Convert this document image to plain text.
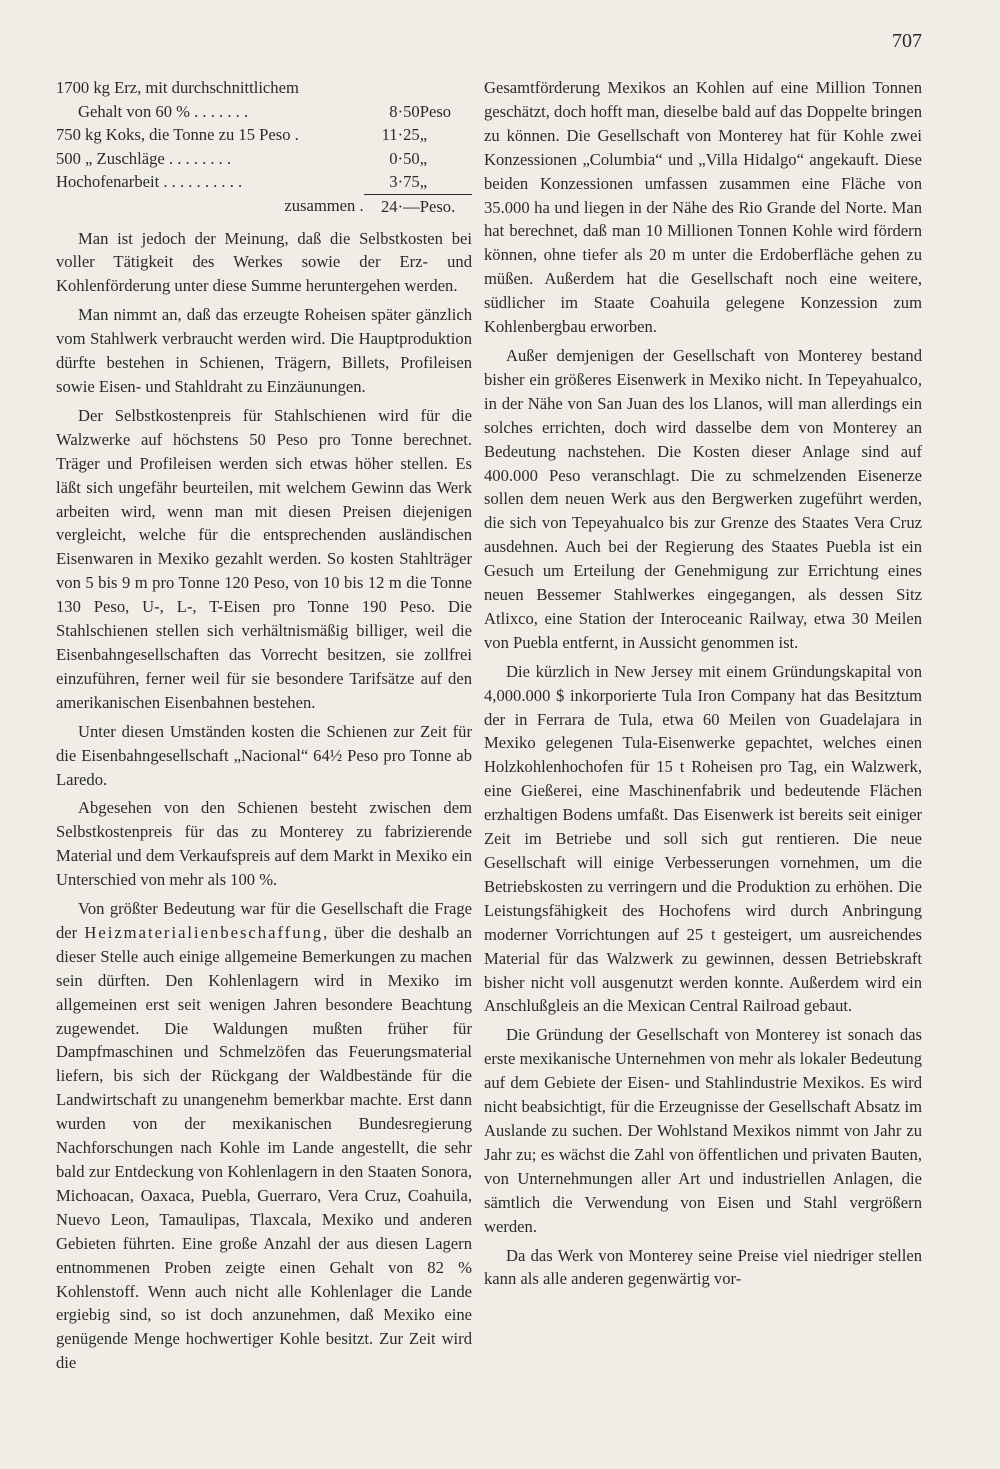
707
1700 kg Erz, mit durchschnittlichem		
Gehalt von 60 % . . . . . . .	8·50	Peso
750 kg Koks, die Tonne zu 15 Peso .	11·25	„
500 „ Zuschläge . . . . . . . .	0·50	„
Hochofenarbeit . . . . . . . . . .	3·75	„
zusammen .	24·—	Peso.

Man ist jedoch der Meinung, daß die Selbstkosten bei voller Tätigkeit des Werkes sowie der Erz- und Kohlenförderung unter diese Summe heruntergehen werden.

Man nimmt an, daß das erzeugte Roheisen später gänzlich vom Stahlwerk verbraucht werden wird. Die Hauptproduktion dürfte bestehen in Schienen, Trägern, Billets, Profileisen sowie Eisen- und Stahldraht zu Einzäunungen.

Der Selbstkostenpreis für Stahlschienen wird für die Walzwerke auf höchstens 50 Peso pro Tonne berechnet. Träger und Profileisen werden sich etwas höher stellen. Es läßt sich ungefähr beurteilen, mit welchem Gewinn das Werk arbeiten wird, wenn man mit diesen Preisen diejenigen vergleicht, welche für die entsprechenden ausländischen Eisenwaren in Mexiko gezahlt werden. So kosten Stahlträger von 5 bis 9 m pro Tonne 120 Peso, von 10 bis 12 m die Tonne 130 Peso, U-, L-, T-Eisen pro Tonne 190 Peso. Die Stahlschienen stellen sich verhältnismäßig billiger, weil die Eisenbahngesellschaften das Vorrecht besitzen, sie zollfrei einzuführen, ferner weil für sie besondere Tarifsätze auf den amerikanischen Eisenbahnen bestehen.

Unter diesen Umständen kosten die Schienen zur Zeit für die Eisenbahngesellschaft „Nacional“ 64½ Peso pro Tonne ab Laredo.

Abgesehen von den Schienen besteht zwischen dem Selbstkostenpreis für das zu Monterey zu fabrizierende Material und dem Verkaufspreis auf dem Markt in Mexiko ein Unterschied von mehr als 100 %.

Von größter Bedeutung war für die Gesellschaft die Frage der Heizmaterialienbeschaffung, über die deshalb an dieser Stelle auch einige allgemeine Bemerkungen zu machen sein dürften. Den Kohlenlagern wird in Mexiko im allgemeinen erst seit wenigen Jahren besondere Beachtung zugewendet. Die Waldungen mußten früher für Dampfmaschinen und Schmelzöfen das Feuerungsmaterial liefern, bis sich der Rückgang der Waldbestände für die Landwirtschaft zu unangenehm bemerkbar machte. Erst dann wurden von der mexikanischen Bundesregierung Nachforschungen nach Kohle im Lande angestellt, die sehr bald zur Entdeckung von Kohlenlagern in den Staaten Sonora, Michoacan, Oaxaca, Puebla, Guerraro, Vera Cruz, Coahuila, Nuevo Leon, Tamaulipas, Tlaxcala, Mexiko und anderen Gebieten führten. Eine große Anzahl der aus diesen Lagern entnommenen Proben zeigte einen Gehalt von 82 % Kohlenstoff. Wenn auch nicht alle Kohlenlager die Lande ergiebig sind, so ist doch anzunehmen, daß Mexiko eine genügende Menge hochwertiger Kohle besitzt. Zur Zeit wird die

Gesamtförderung Mexikos an Kohlen auf eine Million Tonnen geschätzt, doch hofft man, dieselbe bald auf das Doppelte bringen zu können. Die Gesellschaft von Monterey hat für Kohle zwei Konzessionen „Columbia“ und „Villa Hidalgo“ angekauft. Diese beiden Konzessionen umfassen zusammen eine Fläche von 35.000 ha und liegen in der Nähe des Rio Grande del Norte. Man hat berechnet, daß man 10 Millionen Tonnen Kohle wird fördern können, ohne tiefer als 20 m unter die Erdoberfläche gehen zu müßen. Außerdem hat die Gesellschaft noch eine weitere, südlicher im Staate Coahuila gelegene Konzession zum Kohlenbergbau erworben.

Außer demjenigen der Gesellschaft von Monterey bestand bisher ein größeres Eisenwerk in Mexiko nicht. In Tepeyahualco, in der Nähe von San Juan des los Llanos, will man allerdings ein solches errichten, doch wird dasselbe dem von Monterey an Bedeutung nachstehen. Die Kosten dieser Anlage sind auf 400.000 Peso veranschlagt. Die zu schmelzenden Eisenerze sollen dem neuen Werk aus den Bergwerken zugeführt werden, die sich von Tepeyahualco bis zur Grenze des Staates Vera Cruz ausdehnen. Auch bei der Regierung des Staates Puebla ist ein Gesuch um Erteilung der Genehmigung zur Errichtung eines neuen Bessemer Stahlwerkes eingegangen, als dessen Sitz Atlixco, eine Station der Interoceanic Railway, etwa 30 Meilen von Puebla entfernt, in Aussicht genommen ist.

Die kürzlich in New Jersey mit einem Gründungskapital von 4,000.000 $ inkorporierte Tula Iron Company hat das Besitztum der in Ferrara de Tula, etwa 60 Meilen von Guadelajara in Mexiko gelegenen Tula-Eisenwerke gepachtet, welches einen Holzkohlenhochofen für 15 t Roheisen pro Tag, ein Walzwerk, eine Gießerei, eine Maschinenfabrik und bedeutende Flächen erzhaltigen Bodens umfaßt. Das Eisenwerk ist bereits seit einiger Zeit im Betriebe und soll sich gut rentieren. Die neue Gesellschaft will einige Verbesserungen vornehmen, um die Betriebskosten zu verringern und die Produktion zu erhöhen. Die Leistungsfähigkeit des Hochofens wird durch Anbringung moderner Vorrichtungen auf 25 t gesteigert, um ausreichendes Material für das Walzwerk zu gewinnen, dessen Betriebskraft bisher nicht voll ausgenutzt werden konnte. Außerdem wird ein Anschlußgleis an die Mexican Central Railroad gebaut.

Die Gründung der Gesellschaft von Monterey ist sonach das erste mexikanische Unternehmen von mehr als lokaler Bedeutung auf dem Gebiete der Eisen- und Stahlindustrie Mexikos. Es wird nicht beabsichtigt, für die Erzeugnisse der Gesellschaft Absatz im Auslande zu suchen. Der Wohlstand Mexikos nimmt von Jahr zu Jahr zu; es wächst die Zahl von öffentlichen und privaten Bauten, von Unternehmungen aller Art und industriellen Anlagen, die sämtlich die Verwendung von Eisen und Stahl vergrößern werden.

Da das Werk von Monterey seine Preise viel niedriger stellen kann als alle anderen gegenwärtig vor-
